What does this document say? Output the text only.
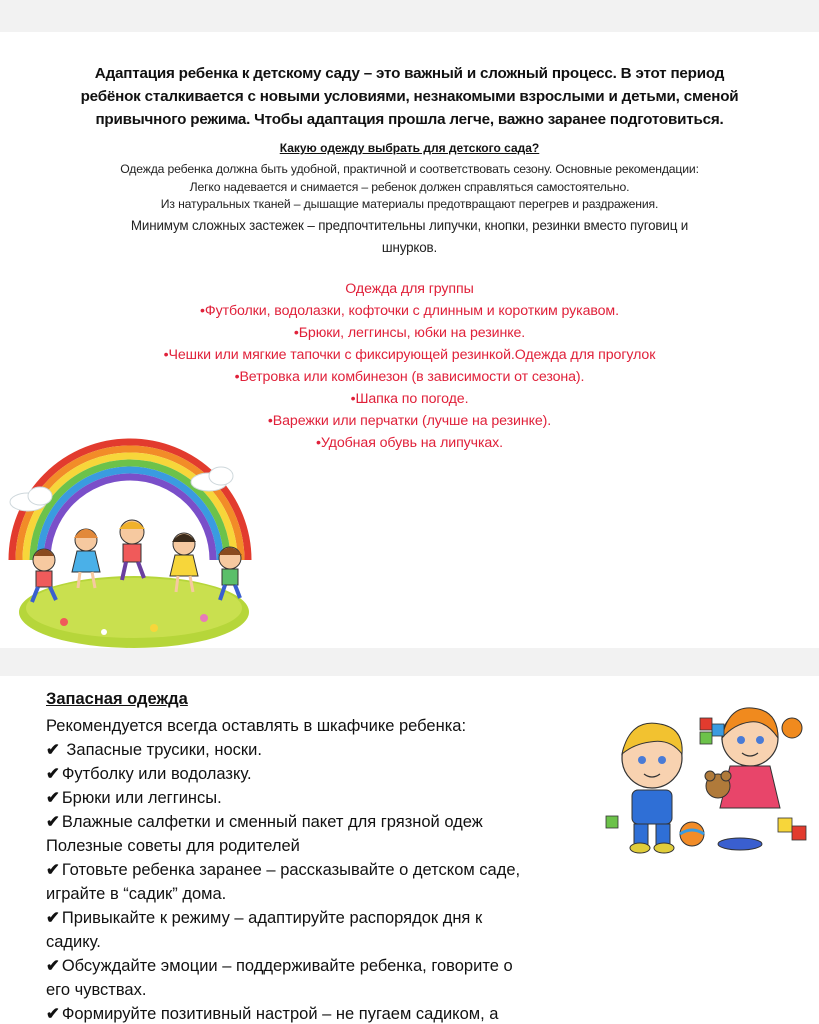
Адаптация ребенка к детскому саду – это важный и сложный процесс. В этот период
ребёнок сталкивается с новыми условиями, незнакомыми взрослыми и детьми, сменой
привычного режима. Чтобы адаптация прошла легче, важно заранее подготовиться.
Какую одежду выбрать для детского сада?
Одежда ребенка должна быть удобной, практичной и соответствовать сезону. Основные рекомендации:
Легко надевается и снимается – ребенок должен справляться самостоятельно.
Из натуральных тканей – дышащие материалы предотвращают перегрев и раздражения.
Минимум сложных застежек – предпочтительны липучки, кнопки, резинки вместо пуговиц и
шнурков.
Одежда для группы
•Футболки, водолазки, кофточки с длинным и коротким рукавом.
•Брюки, леггинсы, юбки на резинке.
•Чешки или мягкие тапочки с фиксирующей резинкой.Одежда для прогулок
•Ветровка или комбинезон (в зависимости от сезона).
•Шапка по погоде.
•Варежки или перчатки (лучше на резинке).
•Удобная обувь на липучках.
Запасная одежда
Рекомендуется всегда оставлять в шкафчике ребенка:
✔ Запасные трусики, носки.
✔ Футболку или водолазку.
✔ Брюки или леггинсы.
✔ Влажные салфетки и сменный пакет для грязной одеж
Полезные советы для родителей
✔ Готовьте ребенка заранее – рассказывайте о детском саде,
играйте в “садик” дома.
✔ Привыкайте к режиму – адаптируйте распорядок дня к
садику.
✔ Обсуждайте эмоции – поддерживайте ребенка, говорите о
его чувствах.
✔ Формируйте позитивный настрой – не пугаем садиком, а
